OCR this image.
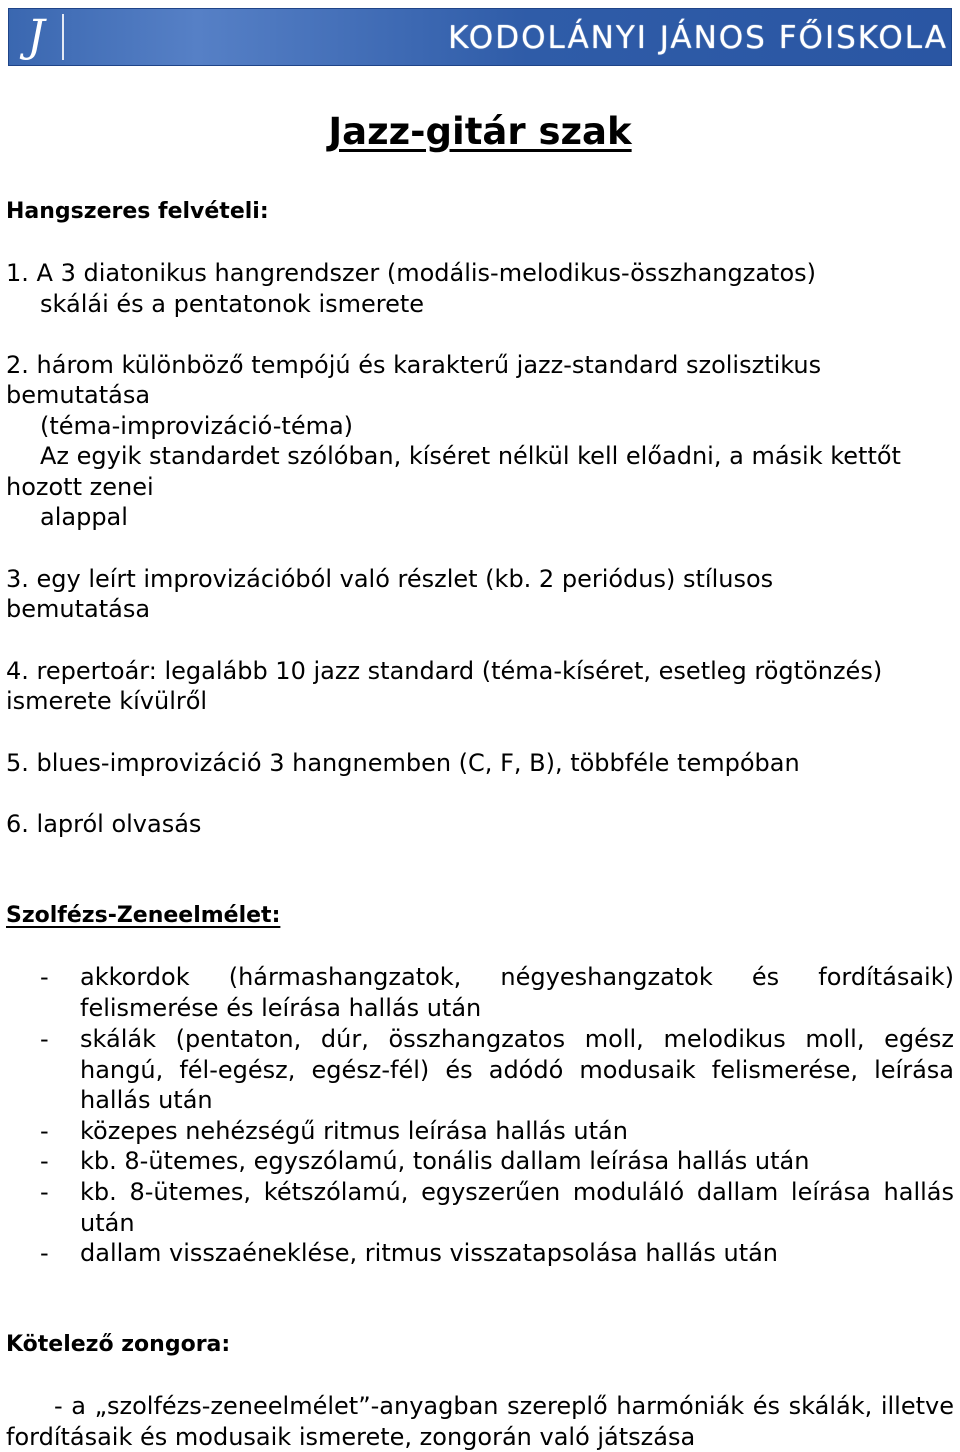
J	KODOLÁNYI JÁNOS FŐISKOLA
Jazz-gitár szak
Hangszeres felvételi:
1. A 3 diatonikus hangrendszer (modális-melodikus-összhangzatos)
skálái és a pentatonok ismerete
2. három különböző tempójú és karakterű jazz-standard szolisztikus
bemutatása
(téma-improvizáció-téma)
Az egyik standardet szólóban, kíséret nélkül kell előadni, a másik kettőt
hozott zenei
alappal
3. egy leírt improvizációból való részlet (kb. 2 periódus) stílusos
bemutatása
4. repertoár: legalább 10 jazz standard (téma-kíséret, esetleg rögtönzés)
ismerete kívülről
5. blues-improvizáció 3 hangnemben (C, F, B), többféle tempóban
6. lapról olvasás
Szolfézs-Zeneelmélet:
- akkordok (hármashangzatok, négyeshangzatok és fordításaik) felismerése és leírása hallás után
- skálák (pentaton, dúr, összhangzatos moll, melodikus moll, egész hangú, fél-egész, egész-fél) és adódó modusaik felismerése, leírása hallás után
- közepes nehézségű ritmus leírása hallás után
- kb. 8-ütemes, egyszólamú, tonális dallam leírása hallás után
- kb. 8-ütemes, kétszólamú, egyszerűen moduláló dallam leírása hallás után
- dallam visszaéneklése, ritmus visszatapsolása hallás után
Kötelező zongora:
- a „szolfézs-zeneelmélet”-anyagban szereplő harmóniák és skálák, illetve fordításaik és modusaik ismerete, zongorán való játszása
